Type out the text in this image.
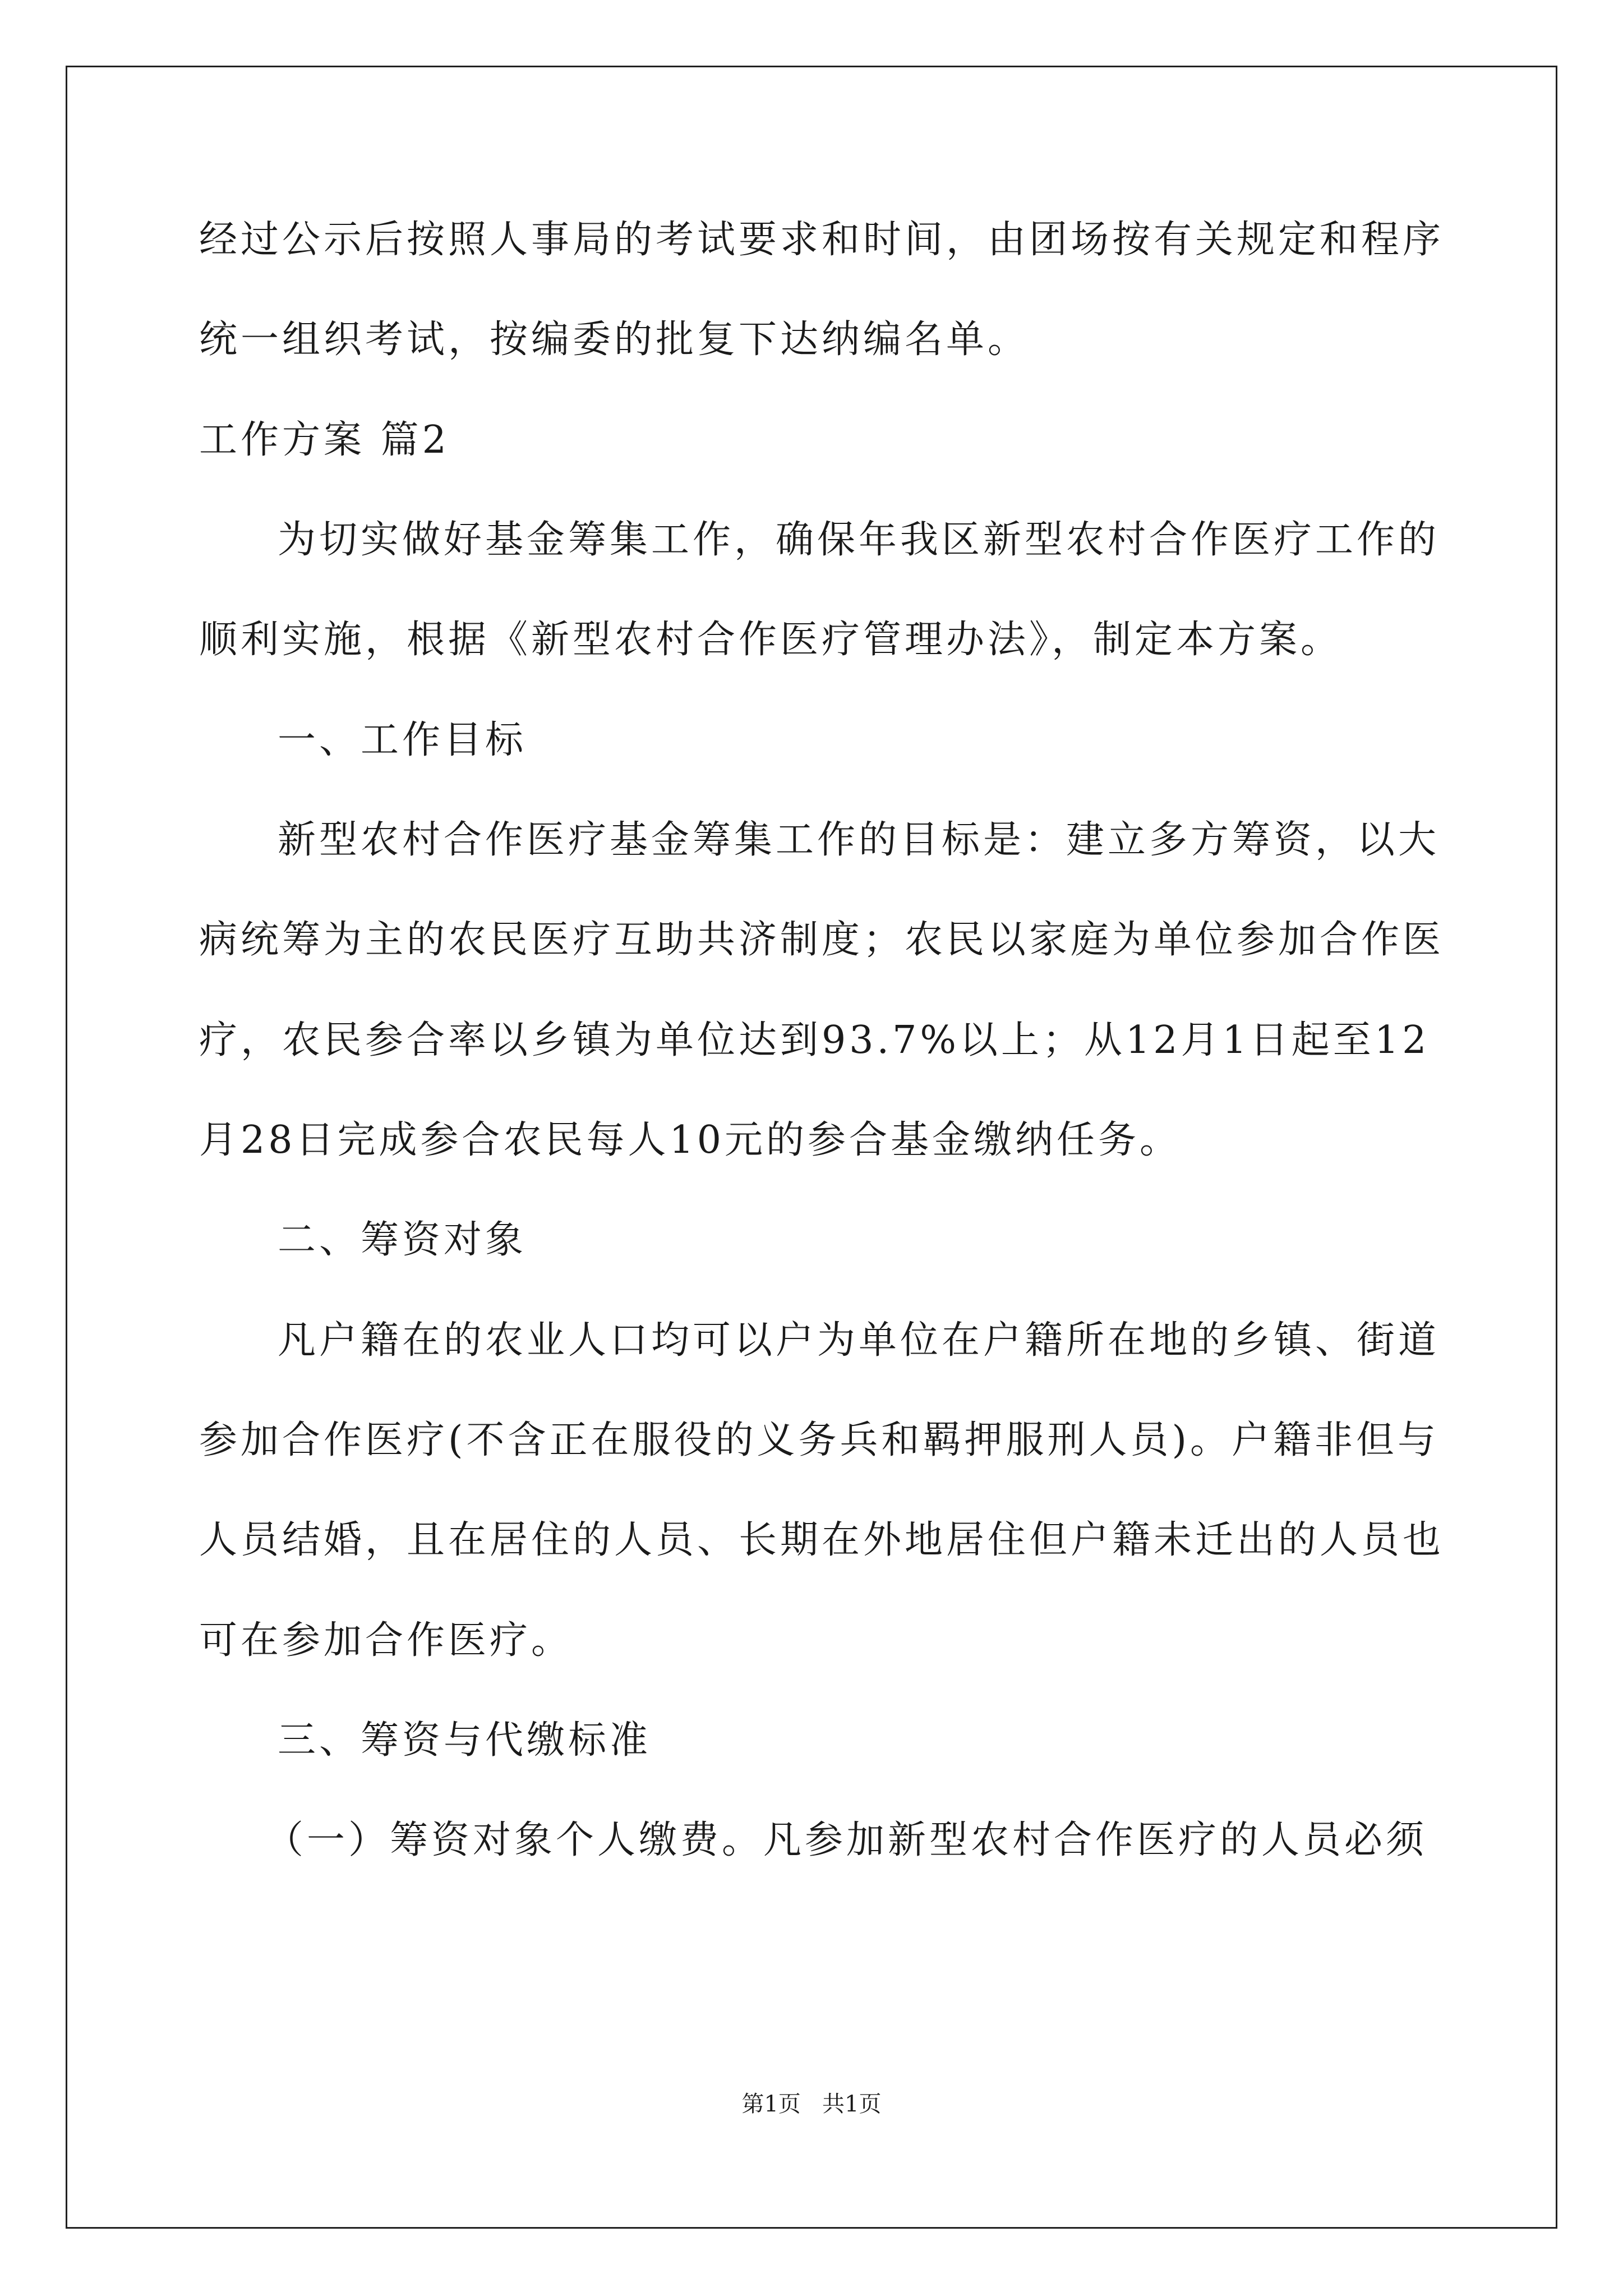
经过公示后按照人事局的考试要求和时间，由团场按有关规定和程序
统一组织考试，按编委的批复下达纳编名单。
工作方案 篇2
为切实做好基金筹集工作，确保年我区新型农村合作医疗工作的
顺利实施，根据《新型农村合作医疗管理办法》，制定本方案。
一、工作目标
新型农村合作医疗基金筹集工作的目标是：建立多方筹资，以大
病统筹为主的农民医疗互助共济制度；农民以家庭为单位参加合作医
疗，农民参合率以乡镇为单位达到93.7%以上；从12月1日起至12
月28日完成参合农民每人10元的参合基金缴纳任务。
二、筹资对象
凡户籍在的农业人口均可以户为单位在户籍所在地的乡镇、街道
参加合作医疗(不含正在服役的义务兵和羁押服刑人员)。户籍非但与
人员结婚，且在居住的人员、长期在外地居住但户籍未迁出的人员也
可在参加合作医疗。
三、筹资与代缴标准
（一）筹资对象个人缴费。凡参加新型农村合作医疗的人员必须
第1页   共1页
